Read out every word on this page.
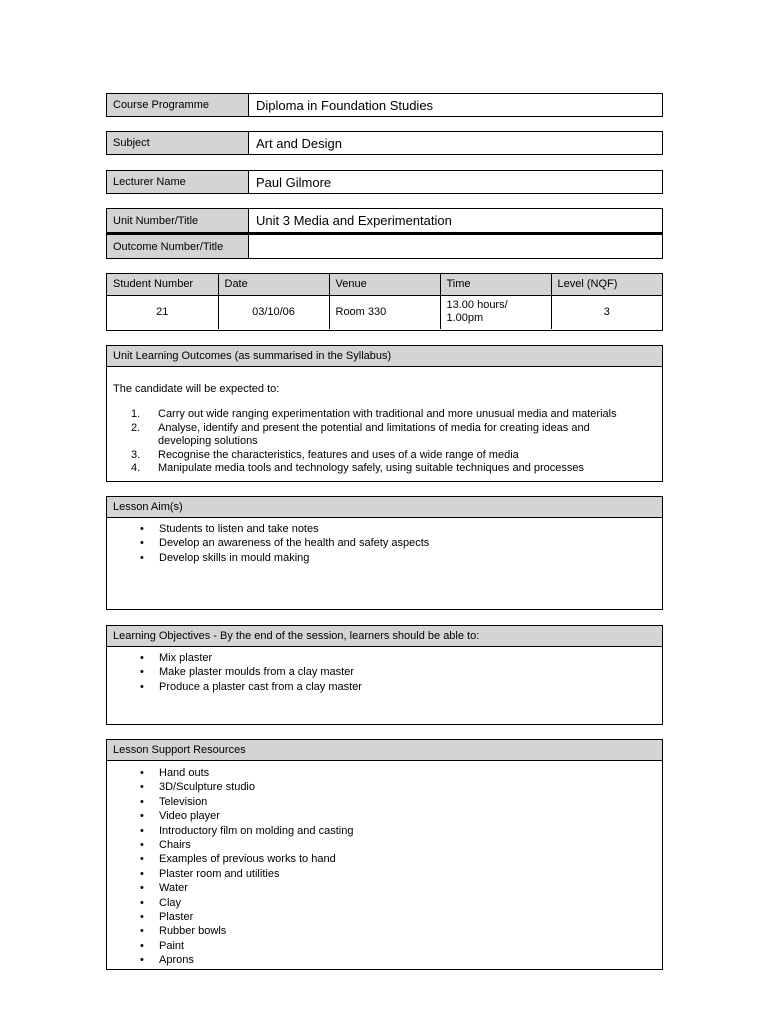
Course Programme	Diploma in Foundation Studies
Subject	Art and Design
Lecturer Name	Paul Gilmore
Unit Number/Title	Unit 3 Media and Experimentation
Outcome Number/Title
Student Number	Date	Venue	Time	Level (NQF)
21	03/10/06	Room 330	13.00 hours/ 1.00pm	3
Unit Learning Outcomes (as summarised in the Syllabus)
The candidate will be expected to:
1.	Carry out wide ranging experimentation with traditional and more unusual media and materials
2.	Analyse, identify and present the potential and limitations of media for creating ideas and developing solutions
3.	Recognise the characteristics, features and uses of a wide range of media
4.	Manipulate media tools and technology safely, using suitable techniques and processes
Lesson Aim(s)
•	Students to listen and take notes
•	Develop an awareness of the health and safety aspects
•	Develop skills in mould making
Learning Objectives - By the end of the session, learners should be able to:
•	Mix plaster
•	Make plaster moulds from a clay master
•	Produce a plaster cast from a clay master
Lesson Support Resources
•	Hand outs
•	3D/Sculpture studio
•	Television
•	Video player
•	Introductory film on molding and casting
•	Chairs
•	Examples of previous works to hand
•	Plaster room and utilities
•	Water
•	Clay
•	Plaster
•	Rubber bowls
•	Paint
•	Aprons
